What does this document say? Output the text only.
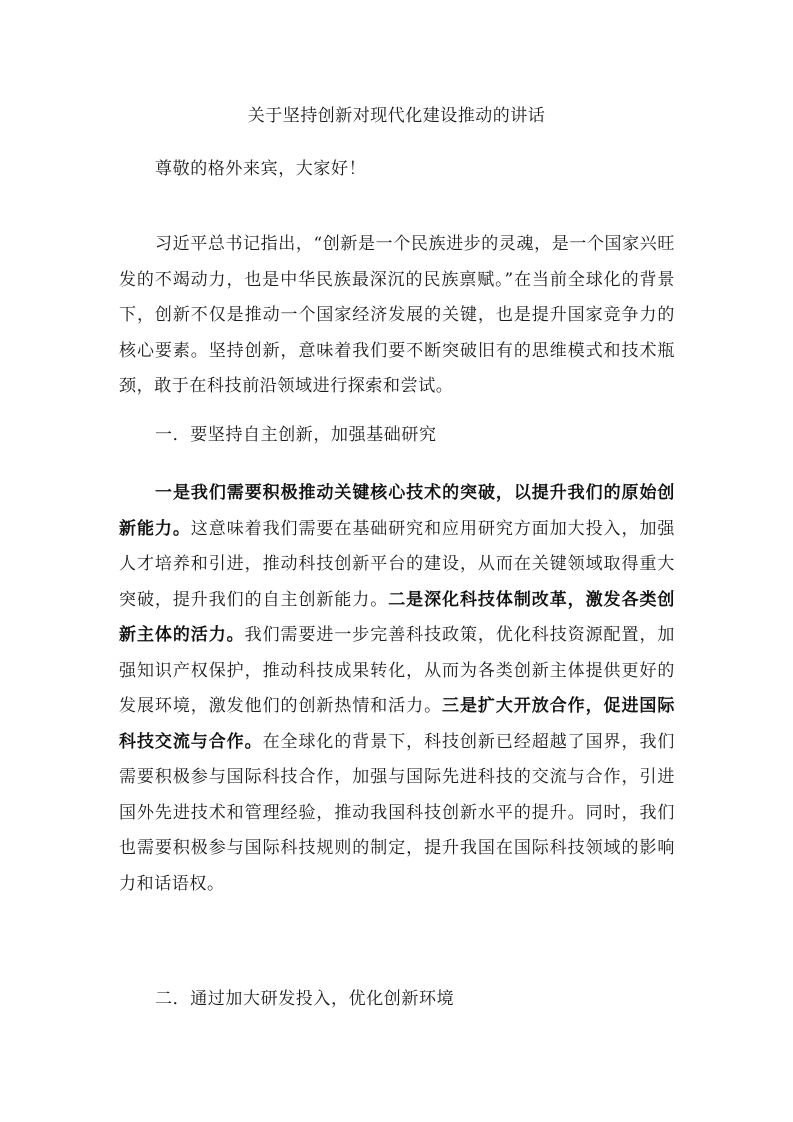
关于坚持创新对现代化建设推动的讲话

尊敬的格外来宾，大家好！

习近平总书记指出，“创新是一个民族进步的灵魂，是一个国家兴旺发的不竭动力，也是中华民族最深沉的民族禀赋。”在当前全球化的背景下，创新不仅是推动一个国家经济发展的关键，也是提升国家竞争力的核心要素。坚持创新，意味着我们要不断突破旧有的思维模式和技术瓶颈，敢于在科技前沿领域进行探索和尝试。

一．要坚持自主创新，加强基础研究

一是我们需要积极推动关键核心技术的突破，以提升我们的原始创新能力。这意味着我们需要在基础研究和应用研究方面加大投入，加强人才培养和引进，推动科技创新平台的建设，从而在关键领域取得重大突破，提升我们的自主创新能力。二是深化科技体制改革，激发各类创新主体的活力。我们需要进一步完善科技政策，优化科技资源配置，加强知识产权保护，推动科技成果转化，从而为各类创新主体提供更好的发展环境，激发他们的创新热情和活力。三是扩大开放合作，促进国际科技交流与合作。在全球化的背景下，科技创新已经超越了国界，我们需要积极参与国际科技合作，加强与国际先进科技的交流与合作，引进国外先进技术和管理经验，推动我国科技创新水平的提升。同时，我们也需要积极参与国际科技规则的制定，提升我国在国际科技领域的影响力和话语权。

二．通过加大研发投入，优化创新环境
